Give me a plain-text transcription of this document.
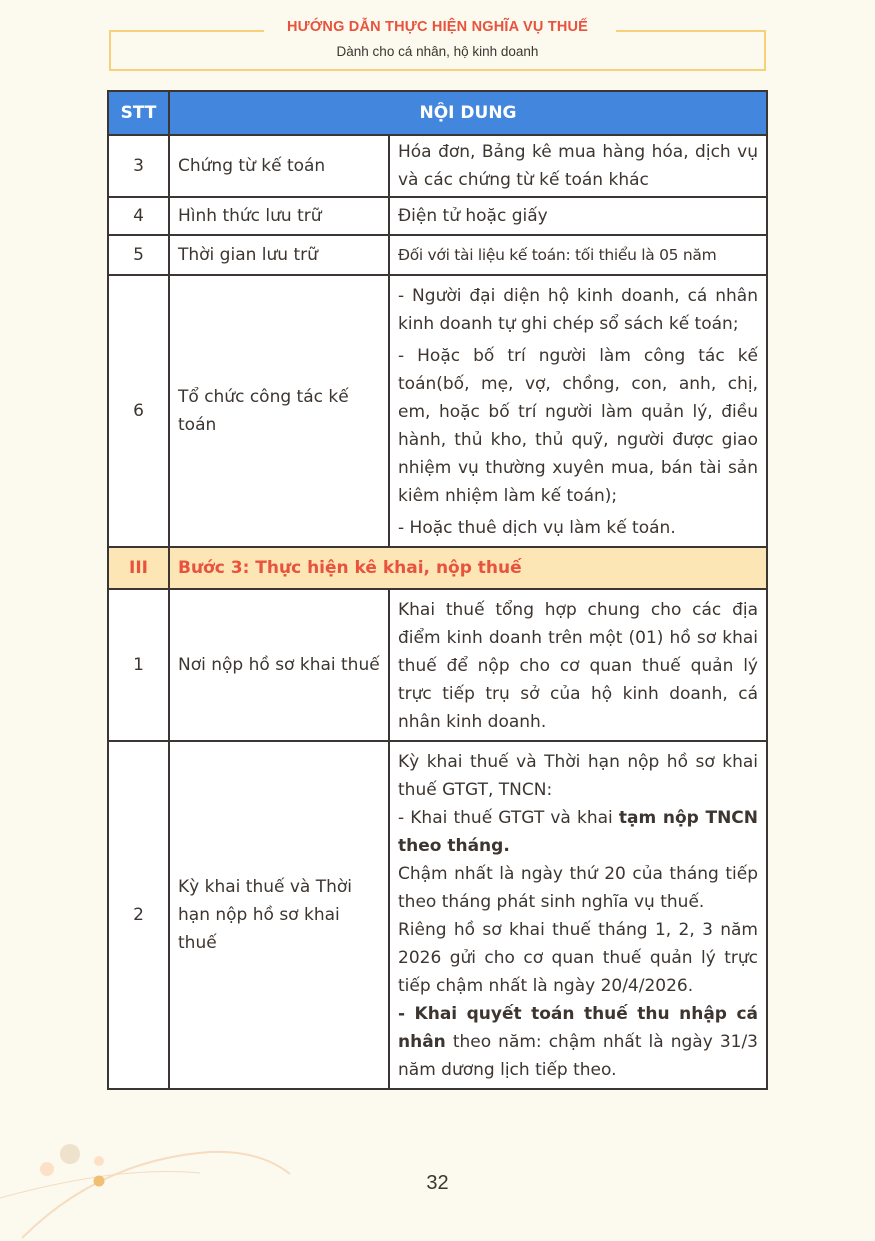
HƯỚNG DẪN THỰC HIỆN NGHĨA VỤ THUẾ
Dành cho cá nhân, hộ kinh doanh
STT	NỘI DUNG	
3	Chứng từ kế toán	Hóa đơn, Bảng kê mua hàng hóa, dịch vụ và các chứng từ kế toán khác
4	Hình thức lưu trữ	Điện tử hoặc giấy
5	Thời gian lưu trữ	Đối với tài liệu kế toán: tối thiểu là 05 năm
6	Tổ chức công tác kế toán	- Người đại diện hộ kinh doanh, cá nhân kinh doanh tự ghi chép sổ sách kế toán;
- Hoặc bố trí người làm công tác kế toán(bố, mẹ, vợ, chồng, con, anh, chị, em, hoặc bố trí người làm quản lý, điều hành, thủ kho, thủ quỹ, người được giao nhiệm vụ thường xuyên mua, bán tài sản kiêm nhiệm làm kế toán);
- Hoặc thuê dịch vụ làm kế toán.

III	Bước 3: Thực hiện kê khai, nộp thuế	
1	Nơi nộp hồ sơ khai thuế	Khai thuế tổng hợp chung cho các địa điểm kinh doanh trên một (01) hồ sơ khai thuế để nộp cho cơ quan thuế quản lý trực tiếp trụ sở của hộ kinh doanh, cá nhân kinh doanh.
2	Kỳ khai thuế và Thời hạn nộp hồ sơ khai thuế	Kỳ khai thuế và Thời hạn nộp hồ sơ khai thuế GTGT, TNCN:
- Khai thuế GTGT và khai tạm nộp TNCN theo tháng.
Chậm nhất là ngày thứ 20 của tháng tiếp theo tháng phát sinh nghĩa vụ thuế.
Riêng hồ sơ khai thuế tháng 1, 2, 3 năm 2026 gửi cho cơ quan thuế quản lý trực tiếp chậm nhất là ngày 20/4/2026.
- Khai quyết toán thuế thu nhập cá nhân theo năm: chậm nhất là ngày 31/3 năm dương lịch tiếp theo.
32
